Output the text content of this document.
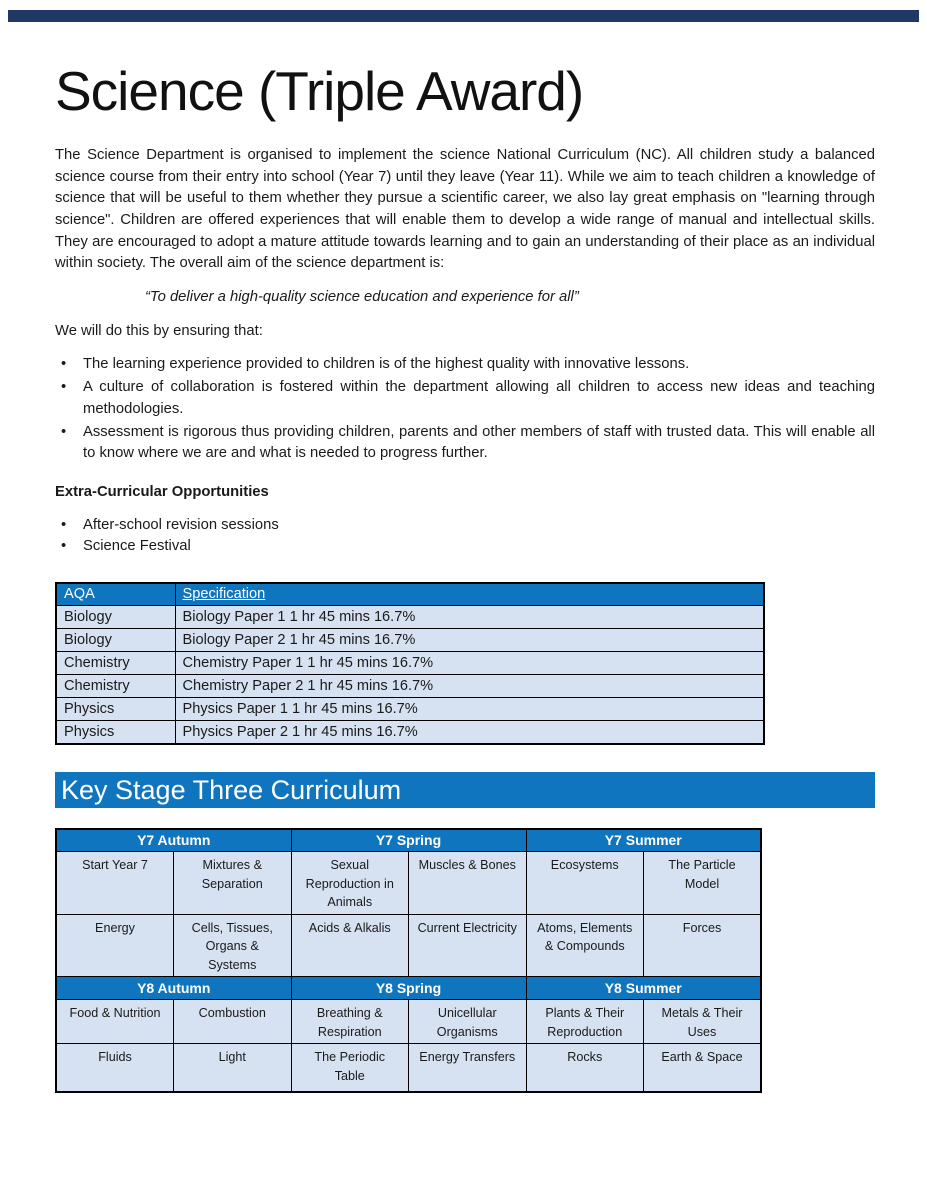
Science (Triple Award)

The Science Department is organised to implement the science National Curriculum (NC). All children study a balanced science course from their entry into school (Year 7) until they leave (Year 11). While we aim to teach children a knowledge of science that will be useful to them whether they pursue a scientific career, we also lay great emphasis on "learning through science". Children are offered experiences that will enable them to develop a wide range of manual and intellectual skills. They are encouraged to adopt a mature attitude towards learning and to gain an understanding of their place as an individual within society. The overall aim of the science department is:

“To deliver a high-quality science education and experience for all”

We will do this by ensuring that:

• The learning experience provided to children is of the highest quality with innovative lessons.
• A culture of collaboration is fostered within the department allowing all children to access new ideas and teaching methodologies.
• Assessment is rigorous thus providing children, parents and other members of staff with trusted data. This will enable all to know where we are and what is needed to progress further.
Extra-Curricular Opportunities
• After-school revision sessions
• Science Festival
AQA	Specification
Biology	Biology Paper 1 1 hr 45 mins 16.7%
Biology	Biology Paper 2 1 hr 45 mins 16.7%
Chemistry	Chemistry Paper 1 1 hr 45 mins 16.7%
Chemistry	Chemistry Paper 2 1 hr 45 mins 16.7%
Physics	Physics Paper 1 1 hr 45 mins 16.7%
Physics	Physics Paper 2 1 hr 45 mins 16.7%
Key Stage Three Curriculum
Y7 Autumn		Y7 Spring		Y7 Summer	
Start Year 7	Mixtures & Separation	Sexual Reproduction in Animals	Muscles & Bones	Ecosystems	The Particle Model
Energy	Cells, Tissues, Organs & Systems	Acids & Alkalis	Current Electricity	Atoms, Elements & Compounds	Forces
Y8 Autumn		Y8 Spring		Y8 Summer	
Food & Nutrition	Combustion	Breathing & Respiration	Unicellular Organisms	Plants & Their Reproduction	Metals & Their Uses
Fluids	Light	The Periodic Table	Energy Transfers	Rocks	Earth & Space
